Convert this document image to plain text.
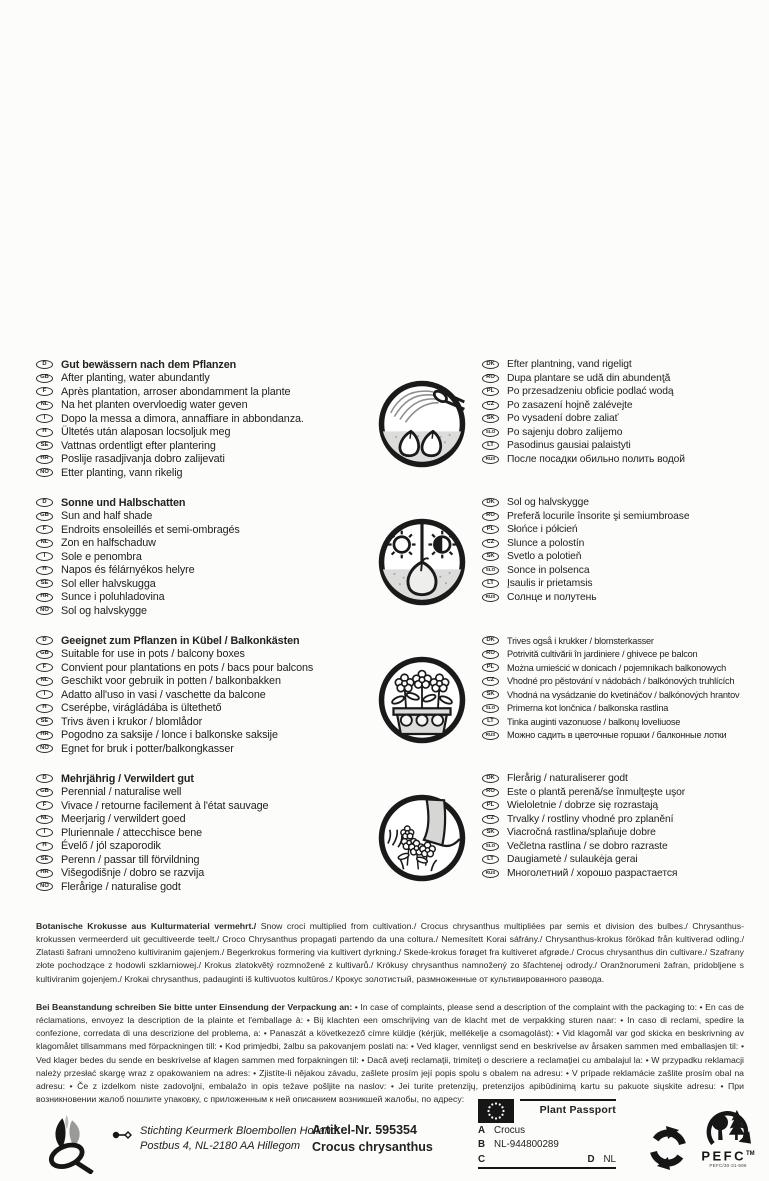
D	Gut bewässern nach dem Pflanzen
GB	After planting, water abundantly
F	Après plantation, arroser abondamment la plante
NL	Na het planten overvloedig water geven
I	Dopo la messa a dimora, annaffiare in abbondanza.
H	Ültetés után alaposan locsoljuk meg
SE	Vattnas ordentligt efter plantering
HR	Poslije rasadjivanja dobro zalijevati
NO	Etter planting, vann rikelig
DK	Efter plantning, vand rigeligt
RO	Dupa plantare se udă din abundenţă
PL	Po przesadzeniu obficie podlać wodą
CZ	Po zasazení hojně zalévejte
SK	Po vysadení dobre zaliať
SLO	Po sajenju dobro zalijemo
LT	Pasodinus gausiai palaistyti
RUS	После посадки обильно полить водой
D	Sonne und Halbschatten
GB	Sun and half shade
F	Endroits ensoleillés et semi-ombragés
NL	Zon en halfschaduw
I	Sole e penombra
H	Napos és félárnyékos helyre
SE	Sol eller halvskugga
HR	Sunce i poluhladovina
NO	Sol og halvskygge
DK	Sol og halvskygge
RO	Preferă locurile însorite şi semiumbroase
PL	Słońce i półcień
CZ	Slunce a polostín
SK	Svetlo a polotieň
SLO	Sonce in polsenca
LT	Įsaulis ir prietamsis
RUS	Солнце и полутень
D	Geeignet zum Pflanzen in Kübel / Balkonkästen
GB	Suitable for use in pots / balcony boxes
F	Convient pour plantations en pots / bacs pour balcons
NL	Geschikt voor gebruik in potten / balkonbakken
I	Adatto all'uso in vasi / vaschette da balcone
H	Cserépbe, virágládába is ültethető
SE	Trivs även i krukor / blomlådor
HR	Pogodno za saksije / lonce i balkonske saksije
NO	Egnet for bruk i potter/balkongkasser
DK	Trives også i krukker / blomsterkasser
RO	Potrivită cultivării în jardiniere / ghivece pe balcon
PL	Można umieścić w donicach / pojemnikach balkonowych
CZ	Vhodné pro pěstování v nádobách / balkónových truhlících
SK	Vhodná na vysádzanie do kvetináčov / balkónových hrantov
SLO	Primerna kot lončnica / balkonska rastlina
LT	Tinka auginti vazonuose / balkonų loveliuose
RUS	Можно садить в цветочные горшки / балконные лотки
D	Mehrjährig / Verwildert gut
GB	Perennial / naturalise well
F	Vivace / retourne facilement à l'état sauvage
NL	Meerjarig / verwildert goed
I	Pluriennale / attecchisce bene
H	Évelő / jól szaporodik
SE	Perenn / passar till förvildning
HR	Višegodišnje / dobro se razvija
NO	Flerårige / naturalise godt
DK	Flerårig / naturaliserer godt
RO	Este o plantă perenă/se înmulţeşte uşor
PL	Wieloletnie / dobrze się rozrastają
CZ	Trvalky / rostliny vhodné pro zplanění
SK	Viacročná rastlina/splaňuje dobre
SLO	Večletna rastlina / se dobro razraste
LT	Daugiametė / sulaukėja gerai
RUS	Многолетний / хорошо разрастается

Botanische Krokusse aus Kulturmaterial vermehrt./ Snow croci multiplied from cultivation./ Crocus chrysanthus multipliées par semis et division des bulbes./ Chrysanthus-krokussen vermeerderd uit gecultiveerde teelt./ Croco Chrysanthus propagati partendo da una coltura./ Nemesített Korai sáfrány./ Chrysanthus-krokus förökad från kultiverad odling./ Zlatasti šafrani umnoženo kultiviranim gajenjem./ Begerkrokus formering via kultivert dyrkning./ Skede-krokus forøget fra kultiveret afgrøde./ Crocus chrysanthus din cultivare./ Szafrany złote pochodzące z hodowli szklarniowej./ Krokus zlatokvětý rozmnožené z kultivarů./ Krókusy chrysanthus namnožený zo šľachtenej odrody./ Oranžnorumeni žafran, pridobljene s kultiviranim gojenjem./ Krokai chrysanthus, padauginti iš kultivuotos kultūros./ Крокус золотистый, размноженные от культивированного развода.

Bei Beanstandung schreiben Sie bitte unter Einsendung der Verpackung an: • In case of complaints, please send a description of the complaint with the packaging to: • En cas de réclamations, envoyez la description de la plainte et l'emballage à: • Bij klachten een omschrijving van de klacht met de verpakking sturen naar: • In caso di reclami, spedire la confezione, corredata di una descrizione del problema, a: • Panaszát a következező címre küldje (kérjük, mellékelje a csomagolást): • Vid klagomål var god skicka en beskrivning av klagomålet tillsammans med förpackningen till: • Kod primjedbi, žalbu sa pakovanjem poslati na: • Ved klager, vennligst send en beskrivelse av årsaken sammen med emballasjen til: • Ved klager bedes du sende en beskrivelse af klagen sammen med forpakningen til: • Dacă aveţi reclamaţii, trimiteţi o descriere a reclamaţiei cu ambalajul la: • W przypadku reklamacji należy przesłać skargę wraz z opakowaniem na adres: • Zjistíte-li nějakou závadu, zašlete prosím její popis spolu s obalem na adresu: • V prípade reklamácie zašlite prosím obal na adresu: • Če z izdelkom niste zadovoljni, embalažo in opis težave pošljite na naslov: • Jei turite pretenzijų, pretenzijos apibūdinimą kartu su pakuote siųskite adresu: • При возникновении жалоб пошлите упаковку, с приложенным к ней описанием возникшей жалобы, по адресу:

Stichting Keurmerk Bloembollen Holland.
Postbus 4, NL-2180 AA Hillegom
Artikel-Nr. 595354
Crocus chrysanthus
Plant Passport
A Crocus
B NL-944800289
C	D NL	PEFC™
PEFC/30-31-596
